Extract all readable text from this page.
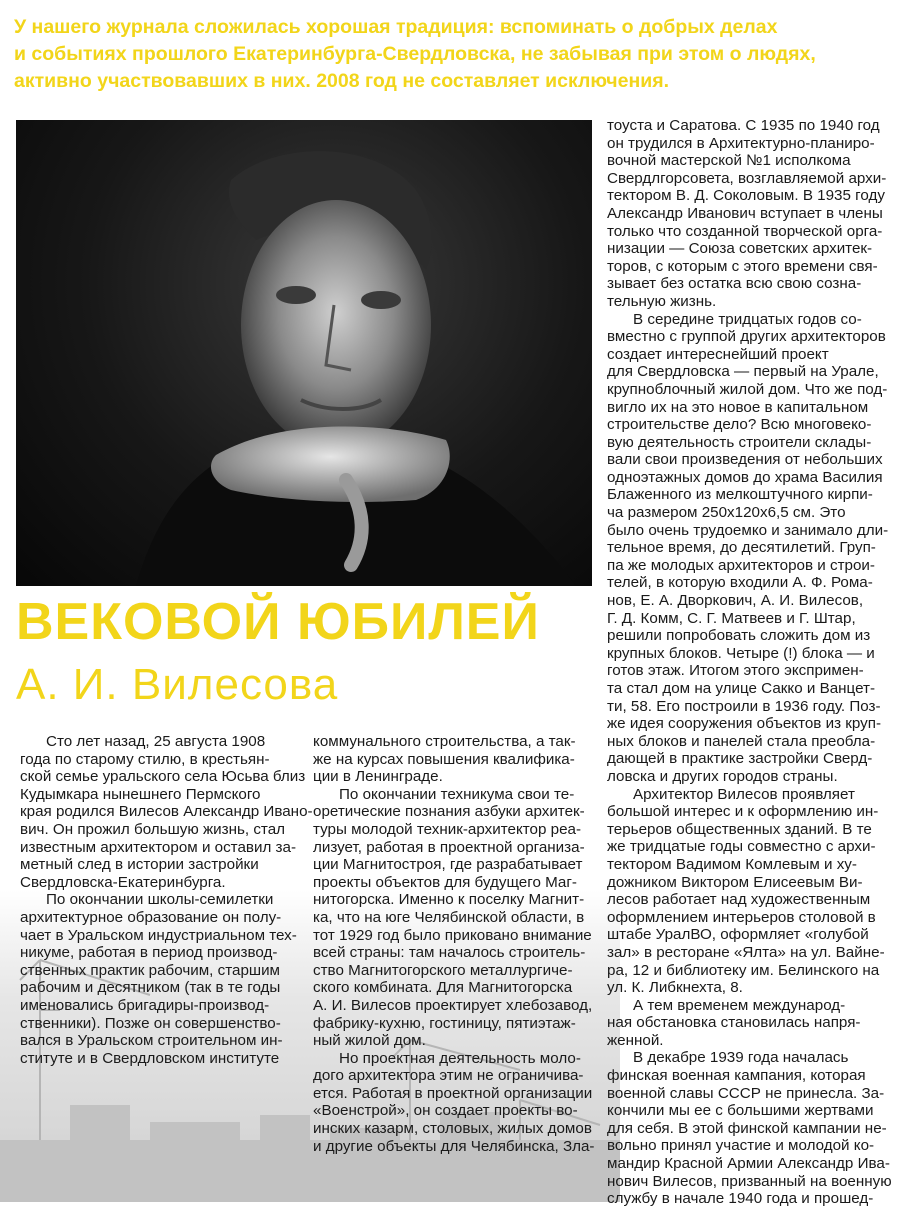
У нашего журнала сложилась хорошая традиция: вспоминать о добрых делах
и событиях прошлого Екатеринбурга-Свердловска, не забывая при этом о людях,
активно участвовавших в них. 2008 год не составляет исключения.
ВЕКОВОЙ ЮБИЛЕЙ
А. И. Вилесова

Сто лет назад, 25 августа 1908
года по старому стилю, в крестьян-
ской семье уральского села Юсьва близ
Кудымкара нынешнего Пермского
края родился Вилесов Александр Ивано-
вич. Он прожил большую жизнь, стал
известным архитектором и оставил за-
метный след в истории застройки
Свердловска-Екатеринбурга.
По окончании школы-семилетки
архитектурное образование он полу-
чает в Уральском индустриальном тех-
никуме, работая в период производ-
ственных практик рабочим, старшим
рабочим и десятником (так в те годы
именовались бригадиры-производ-
ственники). Позже он совершенство-
вался в Уральском строительном ин-
ституте и в Свердловском институте

коммунального строительства, а так-
же на курсах повышения квалифика-
ции в Ленинграде.
По окончании техникума свои те-
оретические познания азбуки архитек-
туры молодой техник-архитектор реа-
лизует, работая в проектной организа-
ции Магнитостроя, где разрабатывает
проекты объектов для будущего Маг-
нитогорска. Именно к поселку Магнит-
ка, что на юге Челябинской области, в
тот 1929 год было приковано внимание
всей страны: там началось строитель-
ство Магнитогорского металлургиче-
ского комбината. Для Магнитогорска
А. И. Вилесов проектирует хлебозавод,
фабрику-кухню, гостиницу, пятиэтаж-
ный жилой дом.
Но проектная деятельность моло-
дого архитектора этим не ограничива-
ется. Работая в проектной организации
«Военстрой», он создает проекты во-
инских казарм, столовых, жилых домов
и другие объекты для Челябинска, Зла-

тоуста и Саратова. С 1935 по 1940 год
он трудился в Архитектурно-планиро-
вочной мастерской №1 исполкома
Свердлгорсовета, возглавляемой архи-
тектором В. Д. Соколовым. В 1935 году
Александр Иванович вступает в члены
только что созданной творческой орга-
низации — Союза советских архитек-
торов, с которым с этого времени свя-
зывает без остатка всю свою сознa-
тельную жизнь.
В середине тридцатых годов со-
вместно с группой других архитекторов
создает интереснейший проект
для Свердловска — первый на Урале,
крупноблочный жилой дом. Что же под-
вигло их на это новое в капитальном
строительстве дело? Всю многовеко-
вую деятельность строители склады-
вали свои произведения от небольших
одноэтажных домов до храма Василия
Блаженного из мелкоштучного кирпи-
ча размером 250х120х6,5 см. Это
было очень трудоемко и занимало дли-
тельное время, до десятилетий. Груп-
па же молодых архитекторов и строи-
телей, в которую входили А. Ф. Рома-
нов, Е. А. Дворкович, А. И. Вилесов,
Г. Д. Комм, С. Г. Матвеев и Г. Штар,
решили попробовать сложить дом из
крупных блоков. Четыре (!) блока — и
готов этаж. Итогом этого экспримен-
та стал дом на улице Сакко и Ванцет-
ти, 58. Его построили в 1936 году. Поз-
же идея сооружения объектов из круп-
ных блоков и панелей стала преобла-
дающей в практике застройки Сверд-
ловска и других городов страны.
Архитектор Вилесов проявляет
большой интерес и к оформлению ин-
терьеров общественных зданий. В те
же тридцатые годы совместно с архи-
тектором Вадимом Комлевым и ху-
дожником Виктором Елисеевым Ви-
лесов работает над художественным
оформлением интерьеров столовой в
штабе УралВО, оформляет «голубой
зал» в ресторане «Ялта» на ул. Вайне-
ра, 12 и библиотеку им. Белинского на
ул. К. Либкнехта, 8.
А тем временем международ-
ная обстановка становилась напря-
женной.
В декабре 1939 года началась
финская военная кампания, которая
военной славы СССР не принесла. За-
кончили мы ее с большими жертвами
для себя. В этой финской кампании не-
вольно принял участие и молодой ко-
мандир Красной Армии Александр Ива-
нович Вилесов, призванный на военную
службу в начале 1940 года и прошед-
